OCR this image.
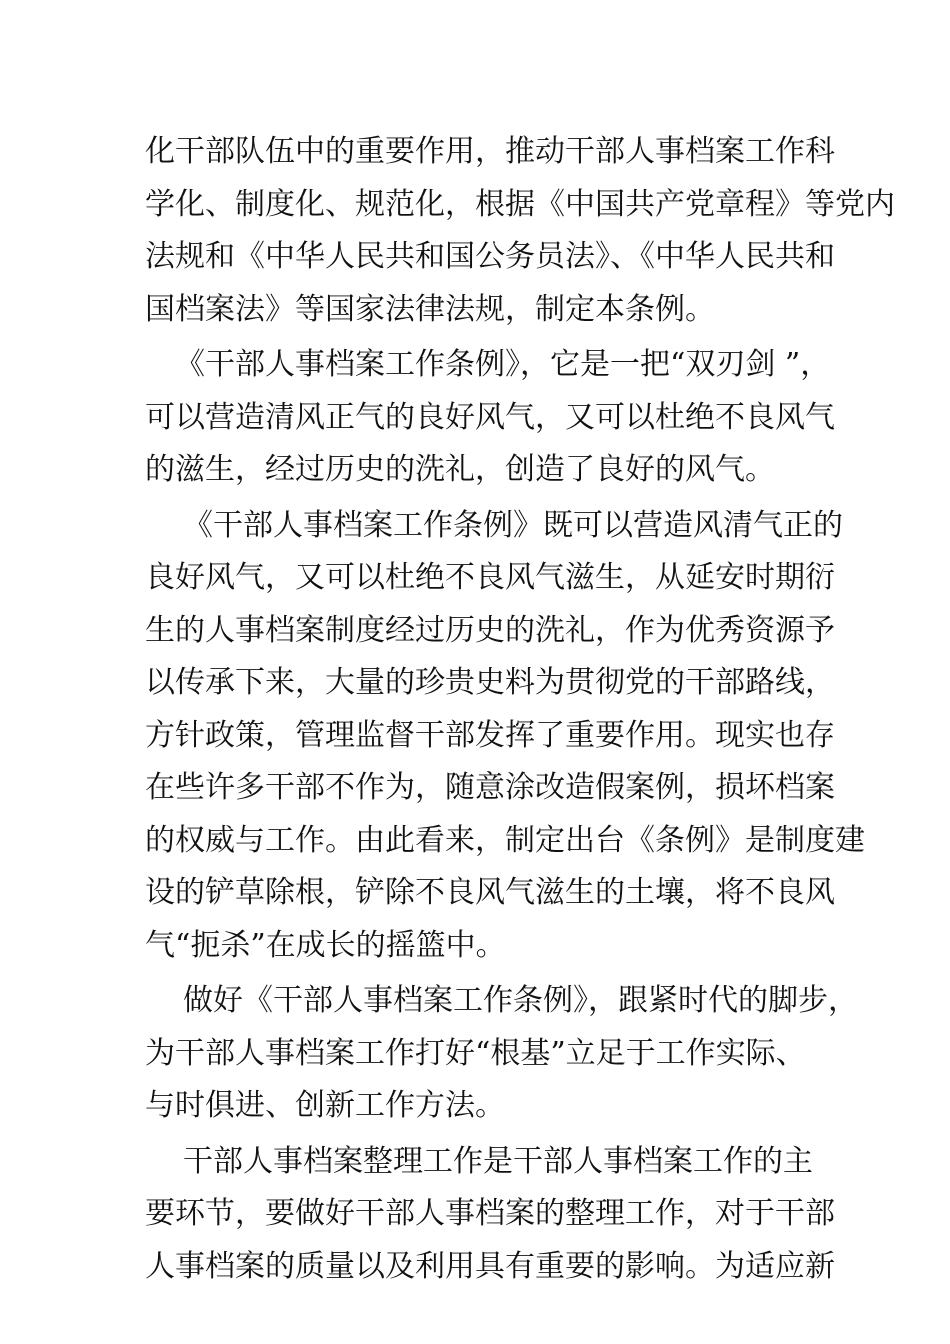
化干部队伍中的重要作用，推动干部人事档案工作科
学化、制度化、规范化，根据《中国共产党章程》等党内
法规和《中华人民共和国公务员法》、《中华人民共和
国档案法》等国家法律法规，制定本条例。

《干部人事档案工作条例》，它是一把“双刃剑 ”，
可以营造清风正气的良好风气，又可以杜绝不良风气
的滋生，经过历史的洗礼，创造了良好的风气。

《干部人事档案工作条例》既可以营造风清气正的
良好风气，又可以杜绝不良风气滋生，从延安时期衍
生的人事档案制度经过历史的洗礼，作为优秀资源予
以传承下来，大量的珍贵史料为贯彻党的干部路线，
方针政策，管理监督干部发挥了重要作用。现实也存
在些许多干部不作为，随意涂改造假案例，损坏档案
的权威与工作。由此看来，制定出台《条例》是制度建
设的铲草除根，铲除不良风气滋生的土壤，将不良风
气“扼杀”在成长的摇篮中。

做好《干部人事档案工作条例》，跟紧时代的脚步，
为干部人事档案工作打好“根基”立足于工作实际、
与时俱进、创新工作方法。

干部人事档案整理工作是干部人事档案工作的主
要环节，要做好干部人事档案的整理工作，对于干部
人事档案的质量以及利用具有重要的影响。为适应新
